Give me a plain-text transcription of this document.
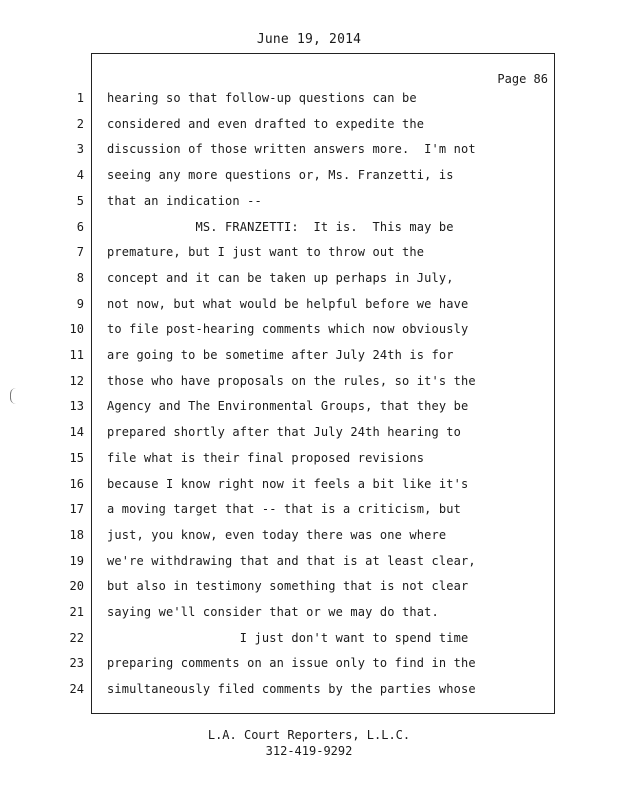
June 19, 2014
Page 86
1 hearing so that follow-up questions can be
2 considered and even drafted to expedite the
3 discussion of those written answers more.  I'm not
4 seeing any more questions or, Ms. Franzetti, is
5 that an indication --
6 MS. FRANZETTI:  It is.  This may be
7 premature, but I just want to throw out the
8 concept and it can be taken up perhaps in July,
9 not now, but what would be helpful before we have
10 to file post-hearing comments which now obviously
11 are going to be sometime after July 24th is for
12 those who have proposals on the rules, so it's the
13 Agency and The Environmental Groups, that they be
14 prepared shortly after that July 24th hearing to
15 file what is their final proposed revisions
16 because I know right now it feels a bit like it's
17 a moving target that -- that is a criticism, but
18 just, you know, even today there was one where
19 we're withdrawing that and that is at least clear,
20 but also in testimony something that is not clear
21 saying we'll consider that or we may do that.
22 I just don't want to spend time
23 preparing comments on an issue only to find in the
24 simultaneously filed comments by the parties whose
L.A. Court Reporters, L.L.C.
312-419-9292
